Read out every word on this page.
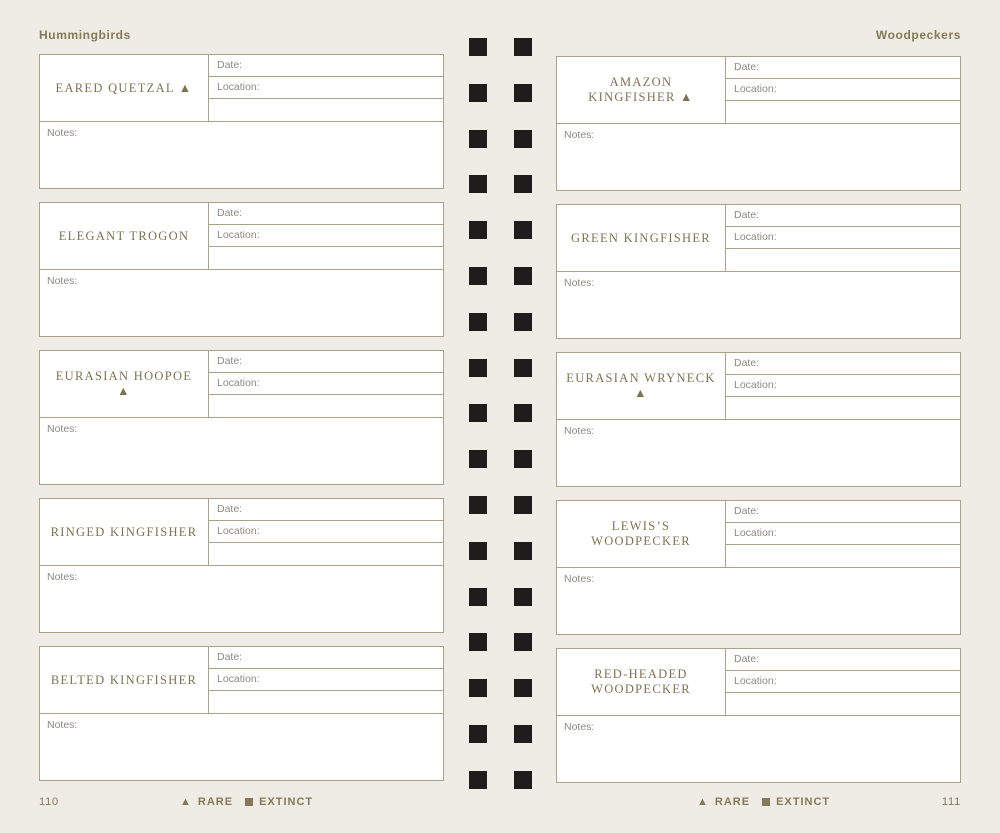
Hummingbirds	Woodpeckers
EARED QUETZAL ▲
Date:
Location:
Notes:
AMAZON KINGFISHER ▲
Date:
Location:
Notes:
ELEGANT TROGON
Date:
Location:
Notes:
GREEN KINGFISHER
Date:
Location:
Notes:
EURASIAN HOOPOE ▲
Date:
Location:
Notes:
EURASIAN WRYNECK ▲
Date:
Location:
Notes:
RINGED KINGFISHER
Date:
Location:
Notes:
LEWIS’S WOODPECKER
Date:
Location:
Notes:
BELTED KINGFISHER
Date:
Location:
Notes:
RED-HEADED WOODPECKER
Date:
Location:
Notes:
110	▲ RARE EXTINCT	▲ RARE EXTINCT	111
